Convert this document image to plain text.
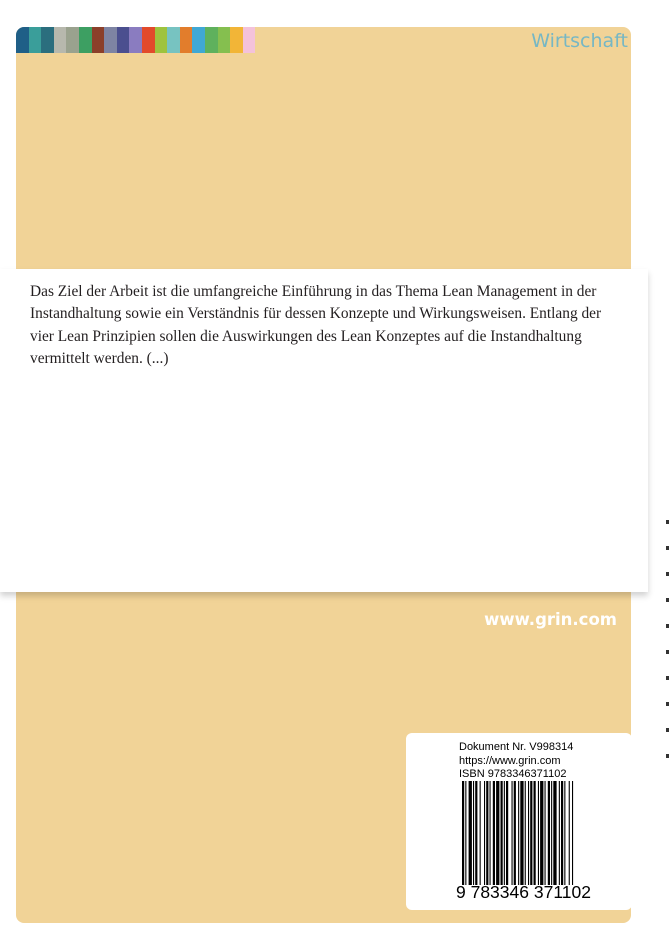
Wirtschaft

Das Ziel der Arbeit ist die umfangreiche Einführung in das Thema Lean Management in der Instandhaltung sowie ein Verständnis für dessen Konzepte und Wirkungsweisen. Entlang der vier Lean Prinzipien sollen die Auswirkungen des Lean Konzeptes auf die Instandhaltung vermittelt werden. (...)

www.grin.com
Dokument Nr. V998314
https://www.grin.com
ISBN 9783346371102
9 783346 371102
